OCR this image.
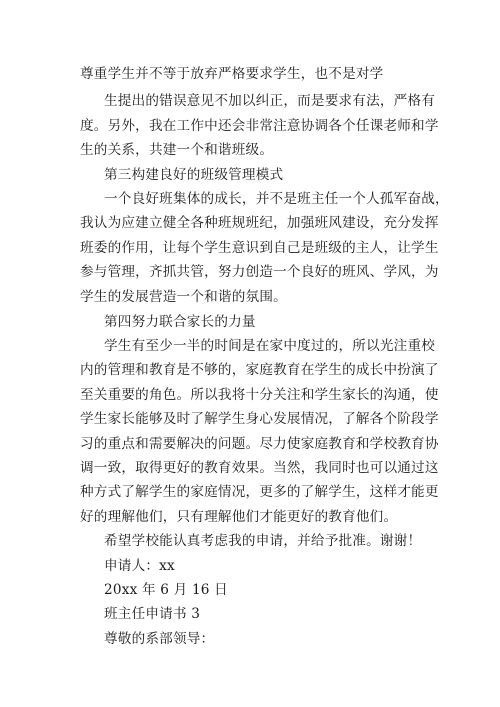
尊重学生并不等于放弃严格要求学生，也不是对学
生提出的错误意见不加以纠正，而是要求有法，严格有
度。另外，我在工作中还会非常注意协调各个任课老师和学
生的关系，共建一个和谐班级。
第三构建良好的班级管理模式
一个良好班集体的成长，并不是班主任一个人孤军奋战，
我认为应建立健全各种班规班纪，加强班风建设，充分发挥
班委的作用，让每个学生意识到自己是班级的主人，让学生
参与管理，齐抓共管，努力创造一个良好的班风、学风，为
学生的发展营造一个和谐的氛围。
第四努力联合家长的力量
学生有至少一半的时间是在家中度过的，所以光注重校
内的管理和教育是不够的，家庭教育在学生的成长中扮演了
至关重要的角色。所以我将十分关注和学生家长的沟通，使
学生家长能够及时了解学生身心发展情况，了解各个阶段学
习的重点和需要解决的问题。尽力使家庭教育和学校教育协
调一致，取得更好的教育效果。当然，我同时也可以通过这
种方式了解学生的家庭情况，更多的了解学生，这样才能更
好的理解他们，只有理解他们才能更好的教育他们。
希望学校能认真考虑我的申请，并给予批准。谢谢！
申请人：xx
20xx 年 6 月 16 日
班主任申请书 3
尊敬的系部领导：
